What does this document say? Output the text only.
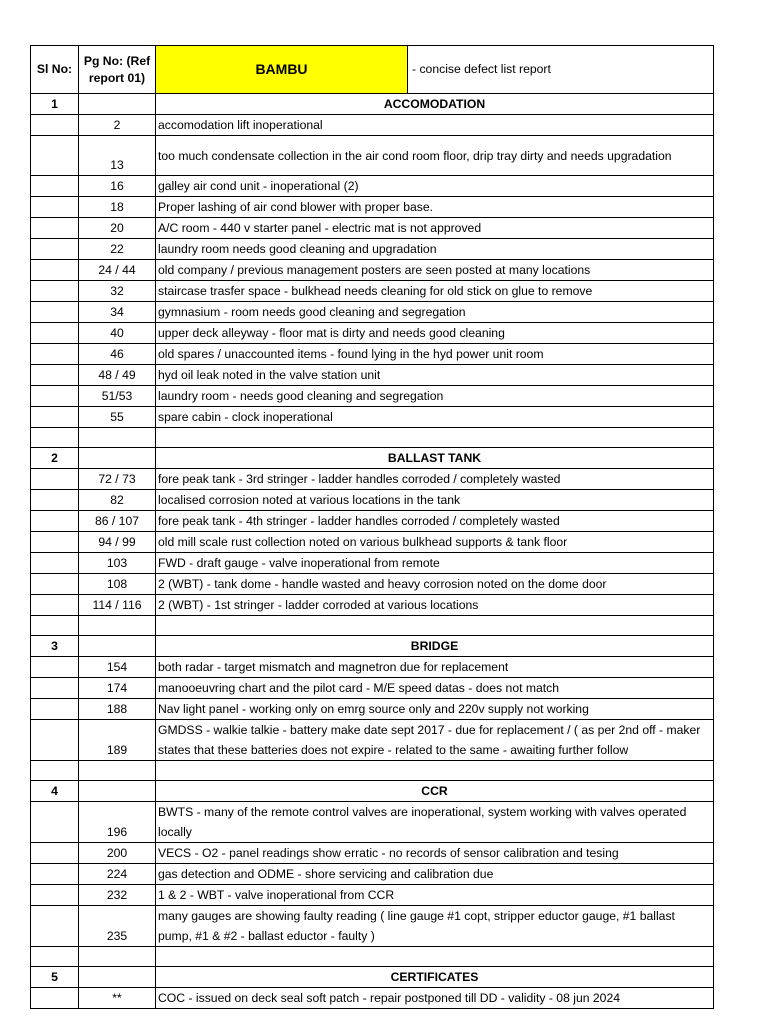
Sl No:	Pg No: (Ref report 01)	BAMBU	- concise defect list report
1		ACCOMODATION	
	2	accomodation lift inoperational	
	13	too much condensate collection in the air cond room floor, drip tray dirty and needs upgradation	
	16	galley air cond unit - inoperational (2)	
	18	Proper lashing of air cond blower with proper base.	
	20	A/C room - 440 v starter panel - electric mat is not approved	
	22	laundry room needs good cleaning and upgradation	
	24 / 44	old company / previous management posters are seen posted at many locations	
	32	staircase trasfer space - bulkhead needs cleaning for old stick on glue to remove	
	34	gymnasium - room needs good cleaning and segregation	
	40	upper deck alleyway - floor mat is dirty and needs good cleaning	
	46	old spares / unaccounted items - found lying in the hyd power unit room	
	48 / 49	hyd oil leak noted in the valve station unit	
	51/53	laundry room - needs good cleaning and segregation	
	55	spare cabin - clock inoperational	

2		BALLAST TANK	
	72 / 73	fore peak tank - 3rd stringer - ladder handles corroded / completely wasted	
	82	localised corrosion noted at various locations in the tank	
	86 / 107	fore peak tank - 4th stringer - ladder handles corroded / completely wasted	
	94 / 99	old mill scale rust collection noted on various bulkhead supports & tank floor	
	103	FWD - draft gauge - valve inoperational from remote	
	108	2 (WBT) - tank dome - handle wasted and heavy corrosion noted on the dome door	
	114 / 116	2 (WBT) - 1st stringer - ladder corroded at various locations	

3		BRIDGE	
	154	both radar - target mismatch and magnetron due for replacement	
	174	manooeuvring chart and the pilot card - M/E speed datas - does not match	
	188	Nav light panel - working only on emrg source only and 220v supply not working	
	189	GMDSS - walkie talkie - battery make date sept 2017 - due for replacement / ( as per 2nd off - maker states that these batteries does not expire - related to the same - awaiting further follow	

4		CCR	
	196	BWTS - many of the remote control valves are inoperational, system working with valves operated locally	
	200	VECS - O2 - panel readings show erratic - no records of sensor calibration and tesing	
	224	gas detection and ODME - shore servicing and calibration due	
	232	1 & 2 - WBT - valve inoperational from CCR	
	235	many gauges are showing faulty reading ( line gauge #1 copt, stripper eductor gauge, #1 ballast pump, #1 & #2 - ballast eductor - faulty )	

5		CERTIFICATES	
	**	COC - issued on deck seal soft patch - repair postponed till DD - validity - 08 jun 2024	
